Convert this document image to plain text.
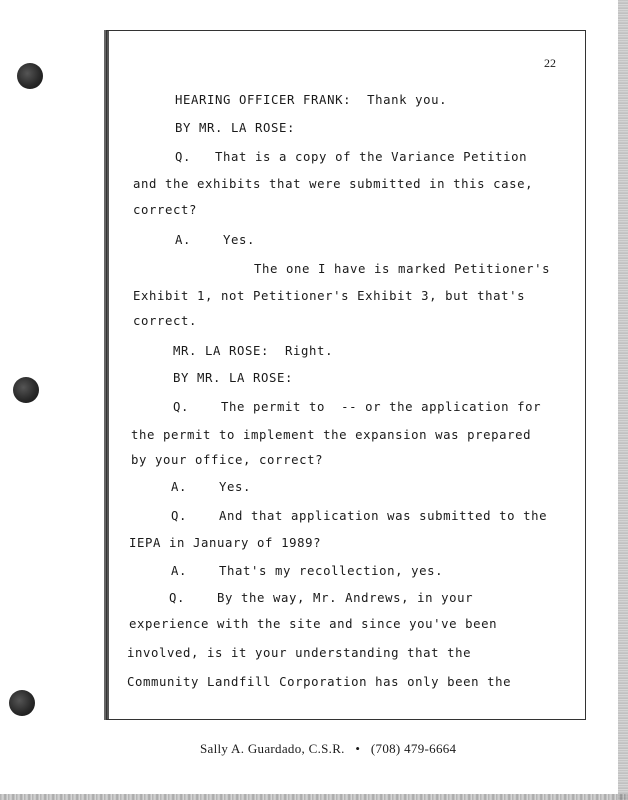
22
HEARING OFFICER FRANK:  Thank you.
BY MR. LA ROSE:
Q.   That is a copy of the Variance Petition
and the exhibits that were submitted in this case,
correct?
A.    Yes.
The one I have is marked Petitioner's
Exhibit 1, not Petitioner's Exhibit 3, but that's
correct.
MR. LA ROSE:  Right.
BY MR. LA ROSE:
Q.    The permit to  -- or the application for
the permit to implement the expansion was prepared
by your office, correct?
A.    Yes.
Q.    And that application was submitted to the
IEPA in January of 1989?
A.    That's my recollection, yes.
Q.    By the way, Mr. Andrews, in your
experience with the site and since you've been
involved, is it your understanding that the
Community Landfill Corporation has only been the
Sally A. Guardado, C.S.R. • (708) 479-6664
